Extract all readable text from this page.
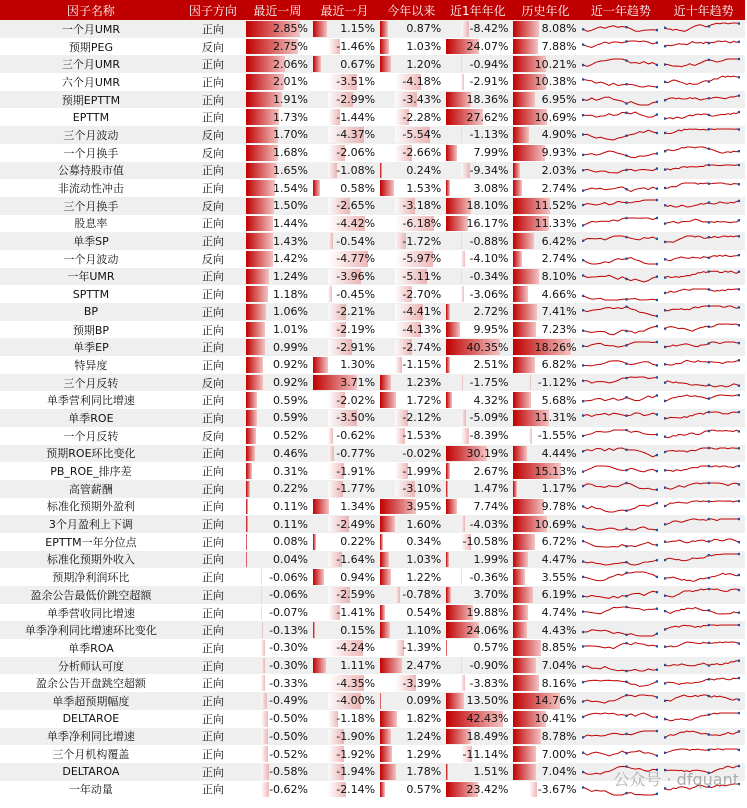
因子名称	因子方向	最近一周	最近一月	今年以来	近1年年化	历史年化	近一年趋势	近十年趋势
一个月UMR	正向	2.85%	1.15%	0.87%	-8.42%	8.08%	

预期PEG	反向	2.75%	-1.46%	1.03%	24.07%	7.88%	

三个月UMR	正向	2.06%	0.67%	1.20%	-0.94%	10.21%	

六个月UMR	正向	2.01%	-3.51%	-4.18%	-2.91%	10.38%	

预期EPTTM	正向	1.91%	-2.99%	-3.43%	18.36%	6.95%	

EPTTM	正向	1.73%	-1.44%	-2.28%	27.62%	10.69%	

三个月波动	反向	1.70%	-4.37%	-5.54%	-1.13%	4.90%	

一个月换手	反向	1.68%	-2.06%	-2.66%	7.99%	9.93%	

公募持股市值	正向	1.65%	-1.08%	0.24%	-9.34%	2.03%	

非流动性冲击	正向	1.54%	0.58%	1.53%	3.08%	2.74%	

三个月换手	反向	1.50%	-2.65%	-3.18%	18.10%	11.52%	

股息率	正向	1.44%	-4.42%	-6.18%	16.17%	11.33%	

单季SP	正向	1.43%	-0.54%	-1.72%	-0.88%	6.42%	

一个月波动	反向	1.42%	-4.77%	-5.97%	-4.10%	2.74%	

一年UMR	正向	1.24%	-3.96%	-5.11%	-0.34%	8.10%	

SPTTM	正向	1.18%	-0.45%	-2.70%	-3.06%	4.66%	

BP	正向	1.06%	-2.21%	-4.41%	2.72%	7.41%	

预期BP	正向	1.01%	-2.19%	-4.13%	9.95%	7.23%	

单季EP	正向	0.99%	-2.91%	-2.74%	40.35%	18.26%	

特异度	正向	0.92%	1.30%	-1.15%	2.51%	6.82%	

三个月反转	反向	0.92%	3.71%	1.23%	-1.75%	-1.12%	

单季营利同比增速	正向	0.59%	-2.02%	1.72%	4.32%	5.68%	

单季ROE	正向	0.59%	-3.50%	-2.12%	-5.09%	11.31%	

一个月反转	反向	0.52%	-0.62%	-1.53%	-8.39%	-1.55%	

预期ROE环比变化	正向	0.46%	-0.77%	-0.02%	30.19%	4.44%	

PB_ROE_排序差	正向	0.31%	-1.91%	-1.99%	2.67%	15.13%	

高管薪酬	正向	0.22%	-1.77%	-3.10%	1.47%	1.17%	

标准化预期外盈利	正向	0.11%	1.34%	3.95%	7.74%	9.78%	

3个月盈利上下调	正向	0.11%	-2.49%	1.60%	-4.03%	10.69%	

EPTTM一年分位点	正向	0.08%	0.22%	0.34%	-10.58%	6.72%	

标准化预期外收入	正向	0.04%	-1.64%	1.03%	1.99%	4.47%	

预期净利润环比	正向	-0.06%	0.94%	1.22%	-0.36%	3.55%	

盈余公告最低价跳空超额	正向	-0.06%	-2.59%	-0.78%	3.70%	6.19%	

单季营收同比增速	正向	-0.07%	-1.41%	0.54%	19.88%	4.74%	

单季净利同比增速环比变化	正向	-0.13%	0.15%	1.10%	24.06%	4.43%	

单季ROA	正向	-0.30%	-4.24%	-1.39%	0.57%	8.85%	

分析师认可度	正向	-0.30%	1.11%	2.47%	-0.90%	7.04%	

盈余公告开盘跳空超额	正向	-0.33%	-4.35%	-3.39%	-3.83%	8.16%	

单季超预期幅度	正向	-0.49%	-4.00%	0.09%	13.50%	14.76%	

DELTAROE	正向	-0.50%	-1.18%	1.82%	42.43%	10.41%	

单季净利同比增速	正向	-0.50%	-1.90%	1.24%	18.49%	8.78%	

三个月机构覆盖	正向	-0.52%	-1.92%	1.29%	-11.14%	7.00%	

DELTAROA	正向	-0.58%	-1.94%	1.78%	1.51%	7.04%	

一年动量	正向	-0.62%	-2.14%	0.57%	23.42%	-3.67%	

公众号 · dfquant
